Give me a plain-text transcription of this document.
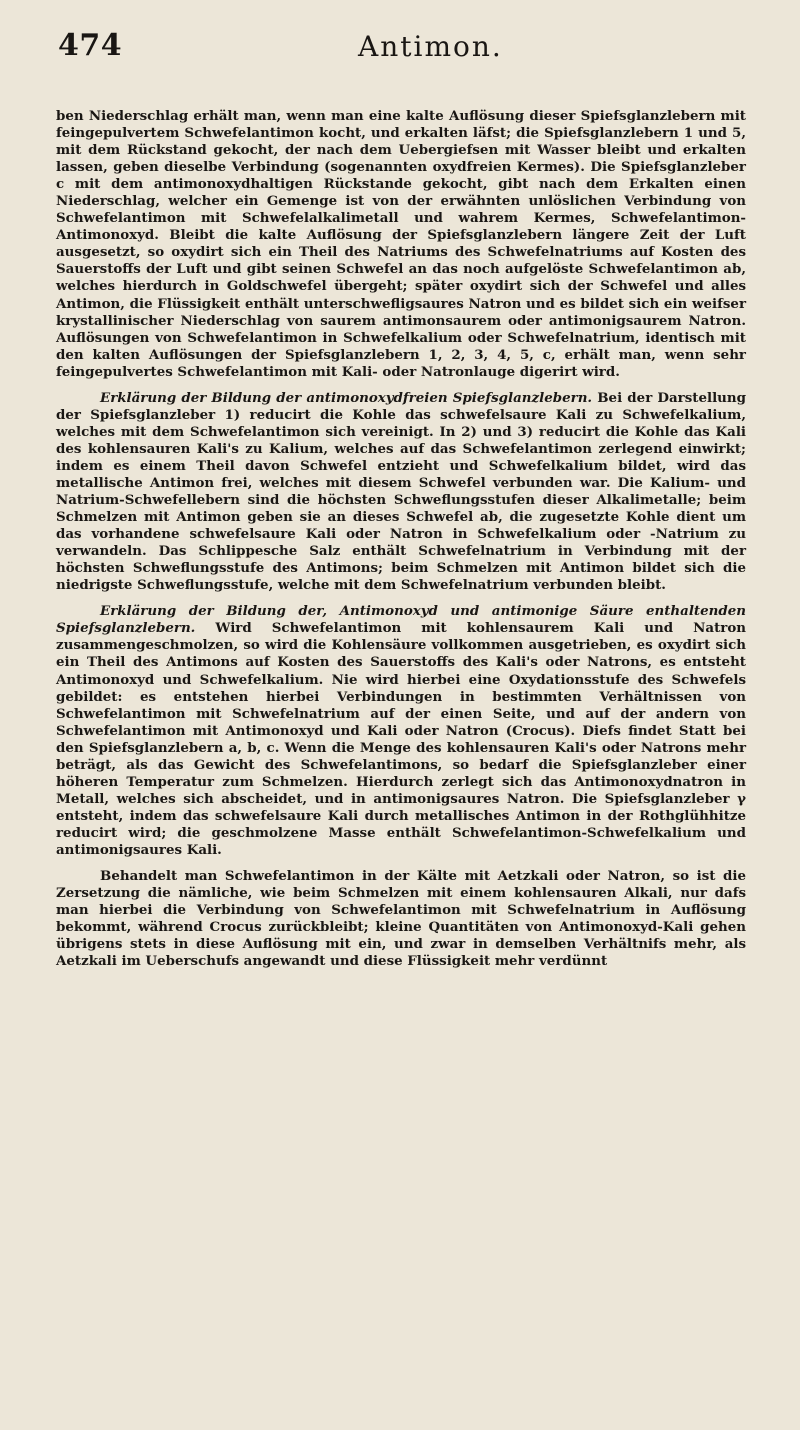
474	Antimon.

ben Niederschlag erhält man, wenn man eine kalte Auflösung dieser Spiefsglanzlebern mit feingepulvertem Schwefelantimon kocht, und erkalten läfst; die Spiefsglanzlebern 1 und 5, mit dem Rückstand gekocht, der nach dem Uebergiefsen mit Wasser bleibt und erkalten lassen, geben dieselbe Verbindung (sogenannten oxydfreien Kermes). Die Spiefsglanzleber c mit dem antimonoxydhaltigen Rückstande gekocht, gibt nach dem Erkalten einen Niederschlag, welcher ein Gemenge ist von der erwähnten unlöslichen Verbindung von Schwefelantimon mit Schwefelalkalimetall und wahrem Kermes, Schwefelantimon-Antimonoxyd. Bleibt die kalte Auflösung der Spiefsglanzlebern längere Zeit der Luft ausgesetzt, so oxydirt sich ein Theil des Natriums des Schwefelnatriums auf Kosten des Sauerstoffs der Luft und gibt seinen Schwefel an das noch aufgelöste Schwefelantimon ab, welches hierdurch in Goldschwefel übergeht; später oxydirt sich der Schwefel und alles Antimon, die Flüssigkeit enthält unterschwefligsaures Natron und es bildet sich ein weifser krystallinischer Niederschlag von saurem antimonsaurem oder antimonigsaurem Natron. Auflösungen von Schwefelantimon in Schwefelkalium oder Schwefelnatrium, identisch mit den kalten Auflösungen der Spiefsglanzlebern 1, 2, 3, 4, 5, c, erhält man, wenn sehr feingepulvertes Schwefelantimon mit Kali- oder Natronlauge digerirt wird.

Erklärung der Bildung der antimonoxydfreien Spiefsglanzlebern. Bei der Darstellung der Spiefsglanzleber 1) reducirt die Kohle das schwefelsaure Kali zu Schwefelkalium, welches mit dem Schwefelantimon sich vereinigt. In 2) und 3) reducirt die Kohle das Kali des kohlensauren Kali's zu Kalium, welches auf das Schwefelantimon zerlegend einwirkt; indem es einem Theil davon Schwefel entzieht und Schwefelkalium bildet, wird das metallische Antimon frei, welches mit diesem Schwefel verbunden war. Die Kalium- und Natrium-Schwefellebern sind die höchsten Schweflungsstufen dieser Alkalimetalle; beim Schmelzen mit Antimon geben sie an dieses Schwefel ab, die zugesetzte Kohle dient um das vorhandene schwefelsaure Kali oder Natron in Schwefelkalium oder -Natrium zu verwandeln. Das Schlippesche Salz enthält Schwefelnatrium in Verbindung mit der höchsten Schweflungsstufe des Antimons; beim Schmelzen mit Antimon bildet sich die niedrigste Schweflungsstufe, welche mit dem Schwefelnatrium verbunden bleibt.

Erklärung der Bildung der, Antimonoxyd und antimonige Säure enthaltenden Spiefsglanzlebern. Wird Schwefelantimon mit kohlensaurem Kali und Natron zusammengeschmolzen, so wird die Kohlensäure vollkommen ausgetrieben, es oxydirt sich ein Theil des Antimons auf Kosten des Sauerstoffs des Kali's oder Natrons, es entsteht Antimonoxyd und Schwefelkalium. Nie wird hierbei eine Oxydationsstufe des Schwefels gebildet: es entstehen hierbei Verbindungen in bestimmten Verhältnissen von Schwefelantimon mit Schwefelnatrium auf der einen Seite, und auf der andern von Schwefelantimon mit Antimonoxyd und Kali oder Natron (Crocus). Diefs findet Statt bei den Spiefsglanzlebern a, b, c. Wenn die Menge des kohlensauren Kali's oder Natrons mehr beträgt, als das Gewicht des Schwefelantimons, so bedarf die Spiefsglanzleber einer höheren Temperatur zum Schmelzen. Hierdurch zerlegt sich das Antimonoxydnatron in Metall, welches sich abscheidet, und in antimonigsaures Natron. Die Spiefsglanzleber γ entsteht, indem das schwefelsaure Kali durch metallisches Antimon in der Rothglühhitze reducirt wird; die geschmolzene Masse enthält Schwefelantimon-Schwefelkalium und antimonigsaures Kali.

Behandelt man Schwefelantimon in der Kälte mit Aetzkali oder Natron, so ist die Zersetzung die nämliche, wie beim Schmelzen mit einem kohlensauren Alkali, nur dafs man hierbei die Verbindung von Schwefelantimon mit Schwefelnatrium in Auflösung bekommt, während Crocus zurückbleibt; kleine Quantitäten von Antimonoxyd-Kali gehen übrigens stets in diese Auflösung mit ein, und zwar in demselben Verhältnifs mehr, als Aetzkali im Ueberschufs angewandt und diese Flüssigkeit mehr verdünnt
